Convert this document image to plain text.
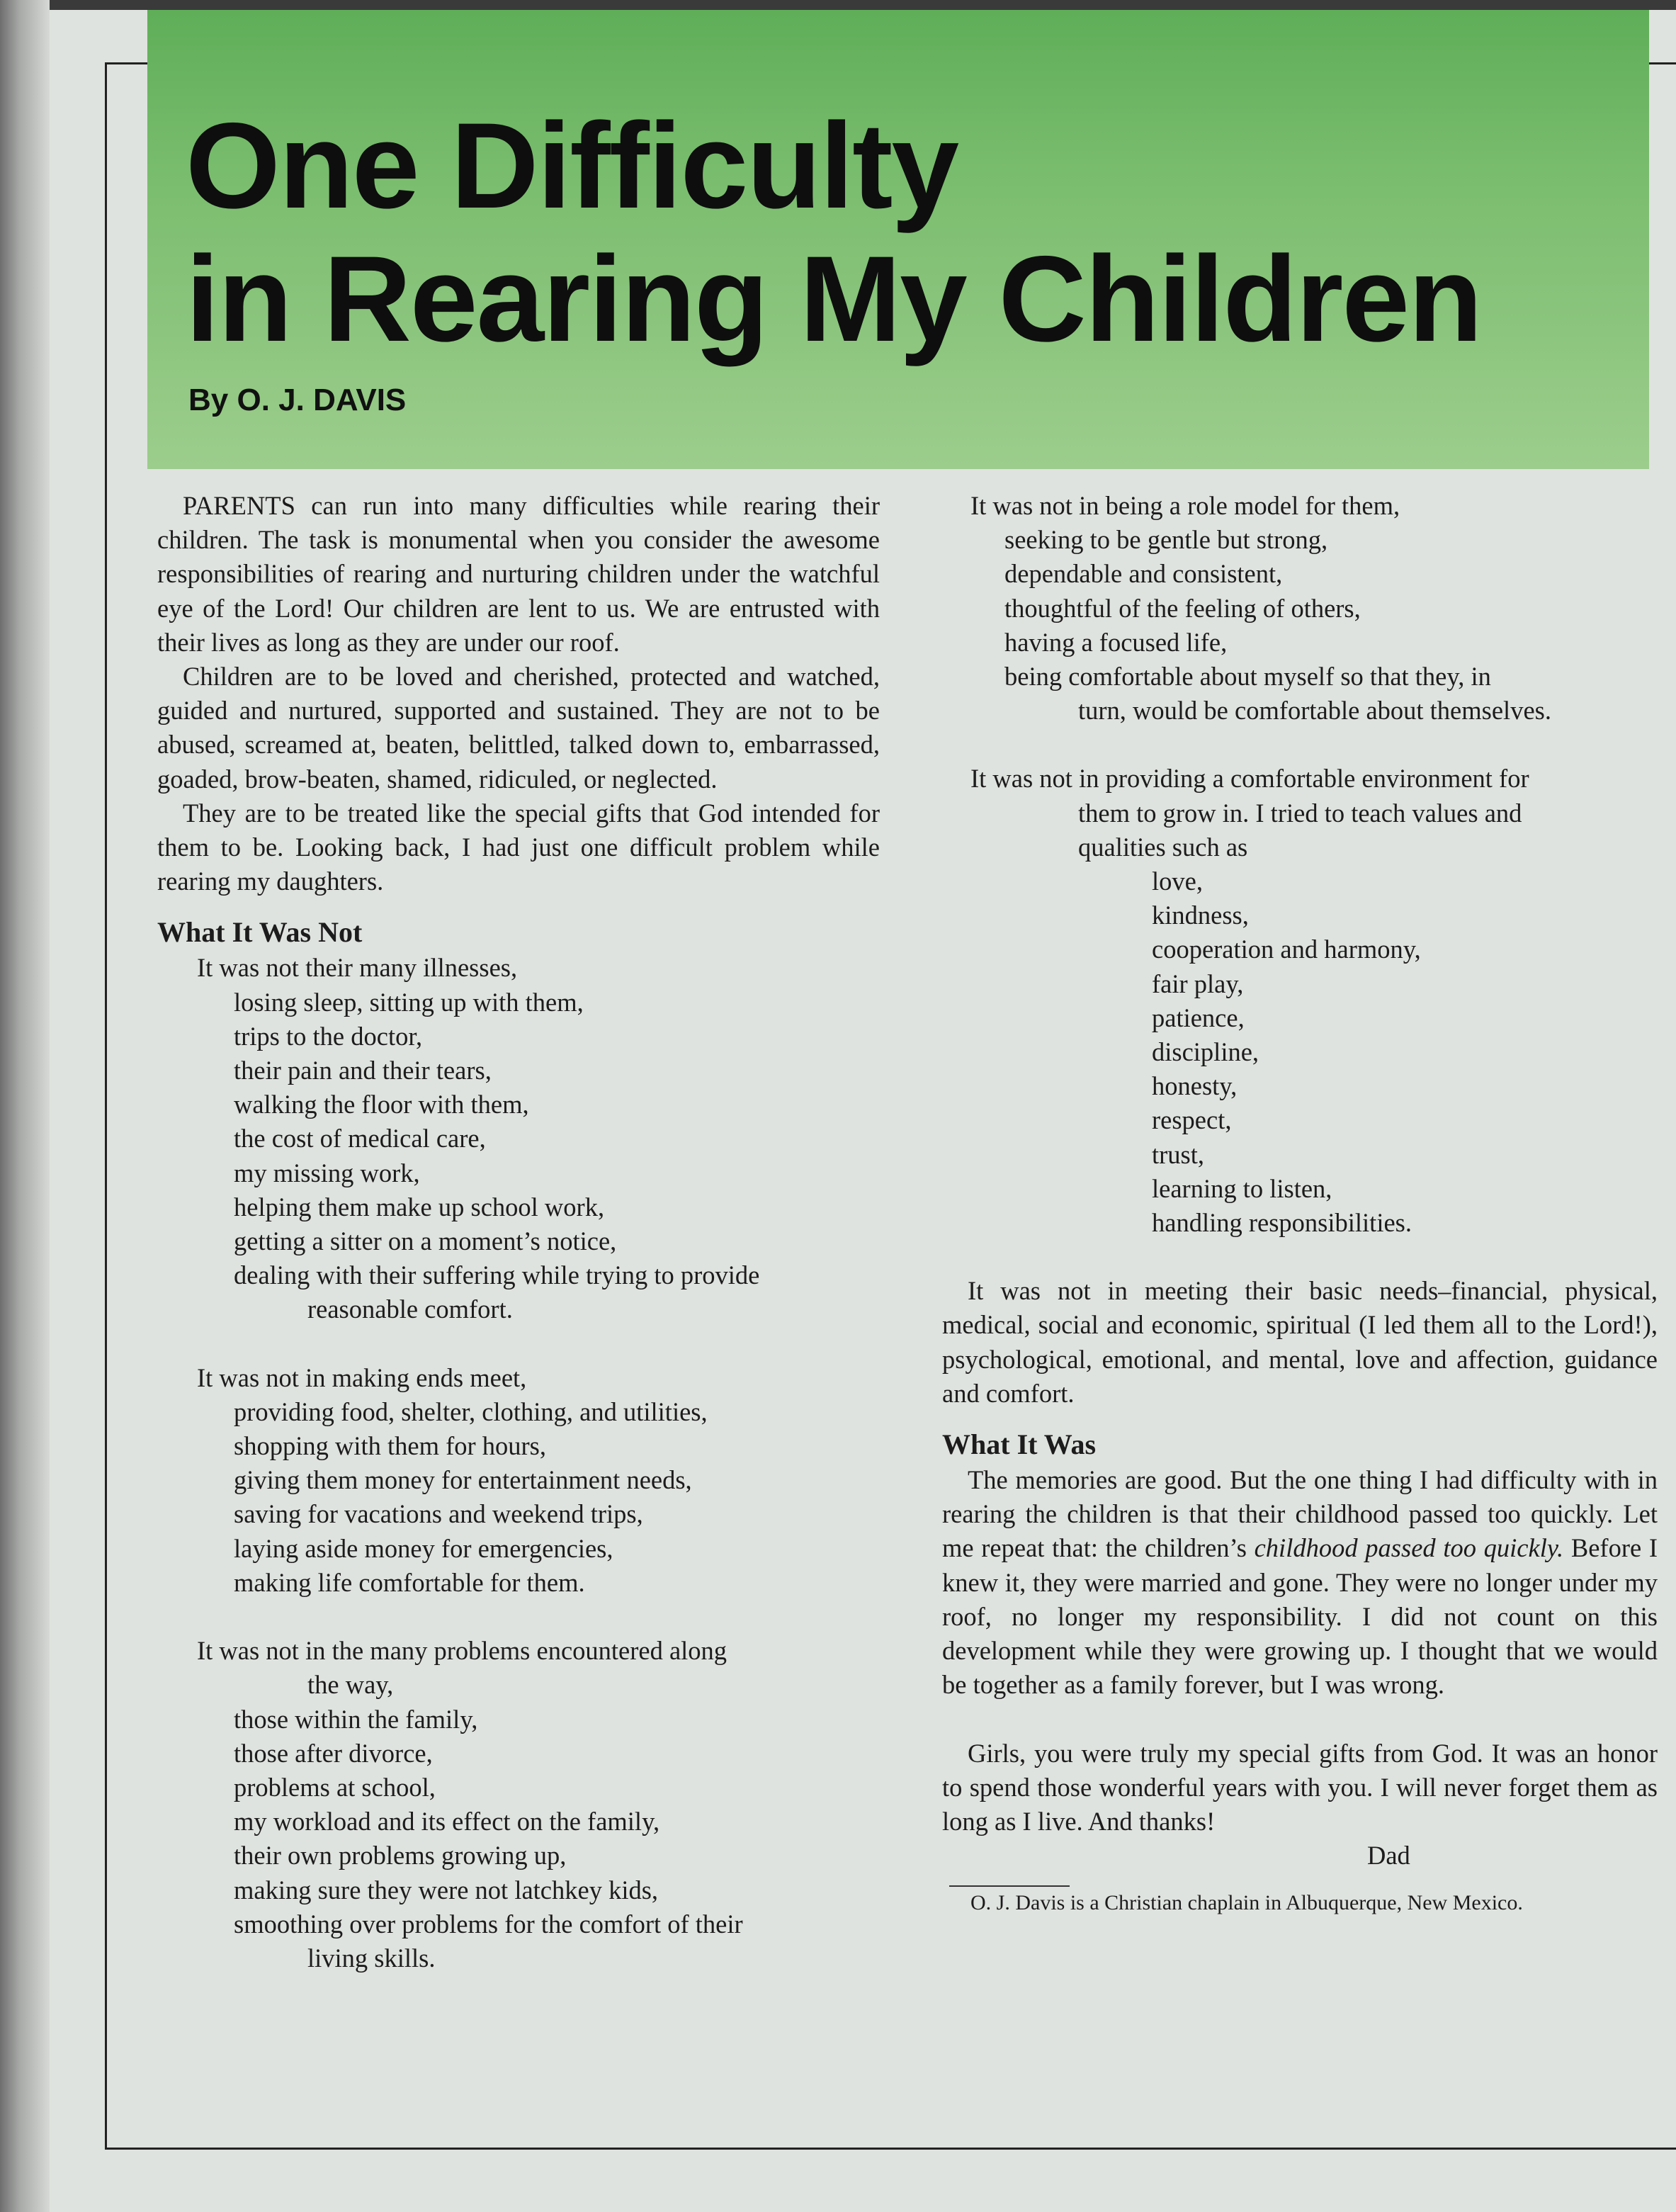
One Difficulty
in Rearing My Children
By O. J. DAVIS

PARENTS can run into many difficulties while rearing their children. The task is monumental when you consider the awesome responsibilities of rearing and nurturing children under the watchful eye of the Lord! Our children are lent to us. We are entrusted with their lives as long as they are under our roof.

Children are to be loved and cherished, protected and watched, guided and nurtured, supported and sustained. They are not to be abused, screamed at, beaten, belittled, talked down to, embarrassed, goaded, brow-beaten, shamed, ridiculed, or neglected.

They are to be treated like the special gifts that God intended for them to be. Looking back, I had just one difficult problem while rearing my daughters.

What It Was Not

It was not their many illnesses,
losing sleep, sitting up with them,
trips to the doctor,
their pain and their tears,
walking the floor with them,
the cost of medical care,
my missing work,
helping them make up school work,
getting a sitter on a moment’s notice,
dealing with their suffering while trying to provide
reasonable comfort.
It was not in making ends meet,
providing food, shelter, clothing, and utilities,
shopping with them for hours,
giving them money for entertainment needs,
saving for vacations and weekend trips,
laying aside money for emergencies,
making life comfortable for them.
It was not in the many problems encountered along
the way,
those within the family,
those after divorce,
problems at school,
my workload and its effect on the family,
their own problems growing up,
making sure they were not latchkey kids,
smoothing over problems for the comfort of their
living skills.
It was not in being a role model for them,
seeking to be gentle but strong,
dependable and consistent,
thoughtful of the feeling of others,
having a focused life,
being comfortable about myself so that they, in
turn, would be comfortable about themselves.
It was not in providing a comfortable environment for
them to grow in. I tried to teach values and
qualities such as
love,
kindness,
cooperation and harmony,
fair play,
patience,
discipline,
honesty,
respect,
trust,
learning to listen,
handling responsibilities.

It was not in meeting their basic needs–financial, physical, medical, social and economic, spiritual (I led them all to the Lord!), psychological, emotional, and mental, love and affection, guidance and comfort.

What It Was

The memories are good. But the one thing I had difficulty with in rearing the children is that their childhood passed too quickly. Let me repeat that: the children’s childhood passed too quickly. Before I knew it, they were married and gone. They were no longer under my roof, no longer my responsibility. I did not count on this development while they were growing up. I thought that we would be together as a family forever, but I was wrong.

Girls, you were truly my special gifts from God. It was an honor to spend those wonderful years with you. I will never forget them as long as I live. And thanks!

Dad

O. J. Davis is a Christian chaplain in Albuquerque, New Mexico.
